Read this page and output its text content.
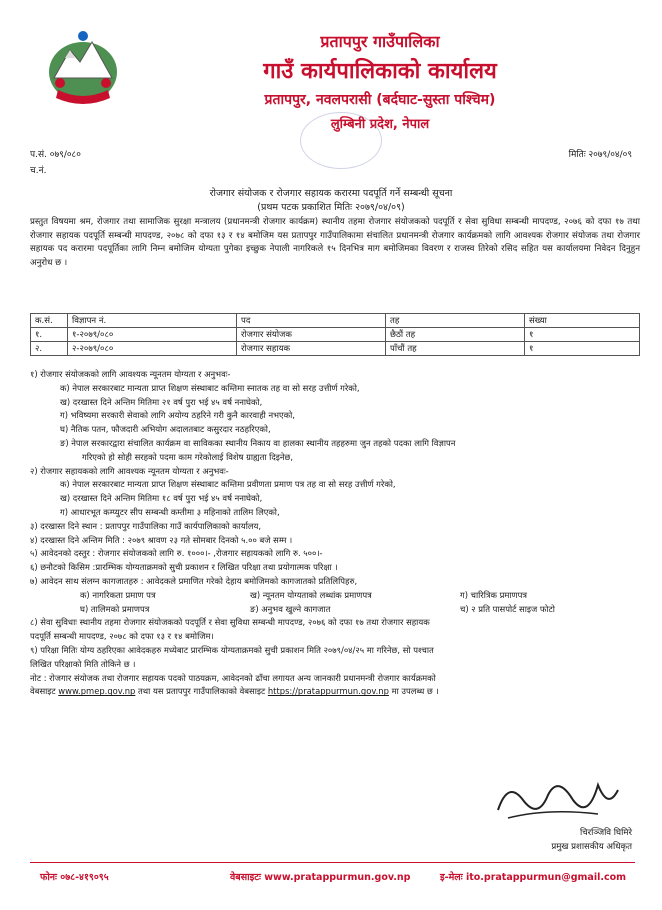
प्रतापपुर गाउँपालिका
गाउँ कार्यपालिकाको कार्यालय
प्रतापपुर, नवलपरासी (बर्दघाट-सुस्ता पश्चिम)
लुम्बिनी प्रदेश, नेपाल
प.सं. ०७९/०८०
च.नं.
मितिः २०७९/०४/०९
रोजगार संयोजक र रोजगार सहायक करारमा पदपूर्ति गर्ने सम्बन्धी सूचना
(प्रथम पटक प्रकाशित मितिः २०७९/०४/०९)
प्रस्तुत विषयमा श्रम, रोजगार तथा सामाजिक सुरक्षा मन्त्रालय (प्रधानमन्त्री रोजगार कार्यक्रम) स्थानीय तहमा रोजगार संयोजकको पदपूर्ति र सेवा सुविधा सम्बन्धी मापदण्ड, २०७६ को दफा १७ तथा रोजगार सहायक पदपूर्ति सम्बन्धी मापदण्ड, २०७८ को दफा १३ र १४ बमोजिम यस प्रतापपुर गाउँपालिकामा संचालित प्रधानमन्त्री रोजगार कार्यक्रमको लागि आवश्यक रोजगार संयोजक तथा रोजगार सहायक पद करारमा पदपूर्तिका लागि निम्न बमोजिम योग्यता पुगेका इच्छुक नेपाली नागरिकले १५ दिनभित्र माग बमोजिमका विवरण र राजस्व तिरेको रसिद सहित यस कार्यालयमा निवेदन दिनुहुन अनुरोध छ ।
क.सं.	विज्ञापन नं.	पद	तह	संख्या
१.	१-२०७९/०८०	रोजगार संयोजक	छैठौं तह	१
२.	२-२०७९/०८०	रोजगार सहायक	पाँचौं तह	१
१) रोजगार संयोजकको लागि आवश्यक न्यूनतम योग्यता र अनुभवः-
क) नेपाल सरकारबाट मान्यता प्राप्त शिक्षण संस्थाबाट कम्तिमा स्नातक तह वा सो सरह उत्तीर्ण गरेको,
ख) दरखास्त दिने अन्तिम मितिमा २१ वर्ष पुरा भई ४५ वर्ष ननाघेको,
ग) भविष्यमा सरकारी सेवाको लागि अयोग्य ठहरिने गरी कुनै कारवाही नभएको,
घ) नैतिक पतन, फौजदारी अभियोग अदालतबाट कसुरदार नठहरिएको,
ङ) नेपाल सरकारद्वारा संचालित कार्यक्रम वा साविकका स्थानीय निकाय वा हालका स्थानीय तहहरुमा जुन तहको पदका लागि विज्ञापन
गरिएको हो सोही सरहको पदमा काम गरेकोलाई विशेष ग्राह्यता दिइनेछ,
२) रोजगार सहायकको लागि आवश्यक न्यूनतम योग्यता र अनुभवः-
क) नेपाल सरकारबाट मान्यता प्राप्त शिक्षण संस्थाबाट कम्तिमा प्रवीणता प्रमाण पत्र तह वा सो सरह उत्तीर्ण गरेको,
ख) दरखास्त दिने अन्तिम मितिमा १८ वर्ष पुरा भई ४५ वर्ष ननाघेको,
ग) आधारभूत कम्प्युटर सीप सम्बन्धी कम्तीमा ३ महिनाको तालिम लिएको,
३) दरखास्त दिने स्थान : प्रतापपुर गाउँपालिका गाउँ कार्यपालिकाको कार्यालय,
४) दरखास्त दिने अन्तिम मिति : २०७९ श्रावण २३ गते सोमबार दिनको ५.०० बजे सम्म ।
५) आवेदनको दस्तुर : रोजगार संयोजकको लागि रु. १०००।- ,रोजगार सहायकको लागि रु. ५००।-
६) छनौटको किसिम :प्रारम्भिक योग्यताक्रमको सुची प्रकाशन र लिखित परिक्षा तथा प्रयोगात्मक परिक्षा ।
७) आवेदन साथ संलग्न कागजातहरु : आवेदकले प्रमाणित गरेको देहाय बमोजिमको कागजातको प्रतिलिपिहरु,
क) नागरिकता प्रमाण पत्र	ख) न्यूनतम योग्यताको लब्धांक प्रमाणपत्र	ग) चारित्रिक प्रमाणपत्र
घ) तालिमको प्रमाणपत्र	ङ) अनुभव खुल्ने कागजात	च) २ प्रति पासपोर्ट साइज फोटो
८) सेवा सुविधाः स्थानीय तहमा रोजगार संयोजकको पदपूर्ति र सेवा सुविधा सम्बन्धी मापदण्ड, २०७६ को दफा १७ तथा रोजगार सहायक
पदपूर्ति सम्बन्धी मापदण्ड, २०७८ को दफा १३ र १४ बमोजिम।
९) परिक्षा मितिः योग्य ठहरिएका आवेदकहरु मध्येबाट प्रारम्भिक योग्यताक्रमको सुची प्रकाशन मिति २०७९/०४/२५ मा गरिनेछ, सो पश्चात
लिखित परिक्षाको मिति तोकिने छ ।
नोट : रोजगार संयोजक तथा रोजगार सहायक पदको पाठयक्रम, आवेदनको ढाँचा लगायत अन्य जानकारी प्रधानमन्त्री रोजगार कार्यक्रमको
वेबसाइट www.pmep.gov.np तथा यस प्रतापपुर गाउँपालिकाको वेबसाइट https://pratappurmun.gov.np मा उपलब्ध छ ।
चिरञ्जिवि घिमिरे
प्रमुख प्रशासकीय अधिकृत
फोनः ०७८-४१९०९५	वेबसाइटः www.pratappurmun.gov.np	इ-मेलः ito.pratappurmun@gmail.com
